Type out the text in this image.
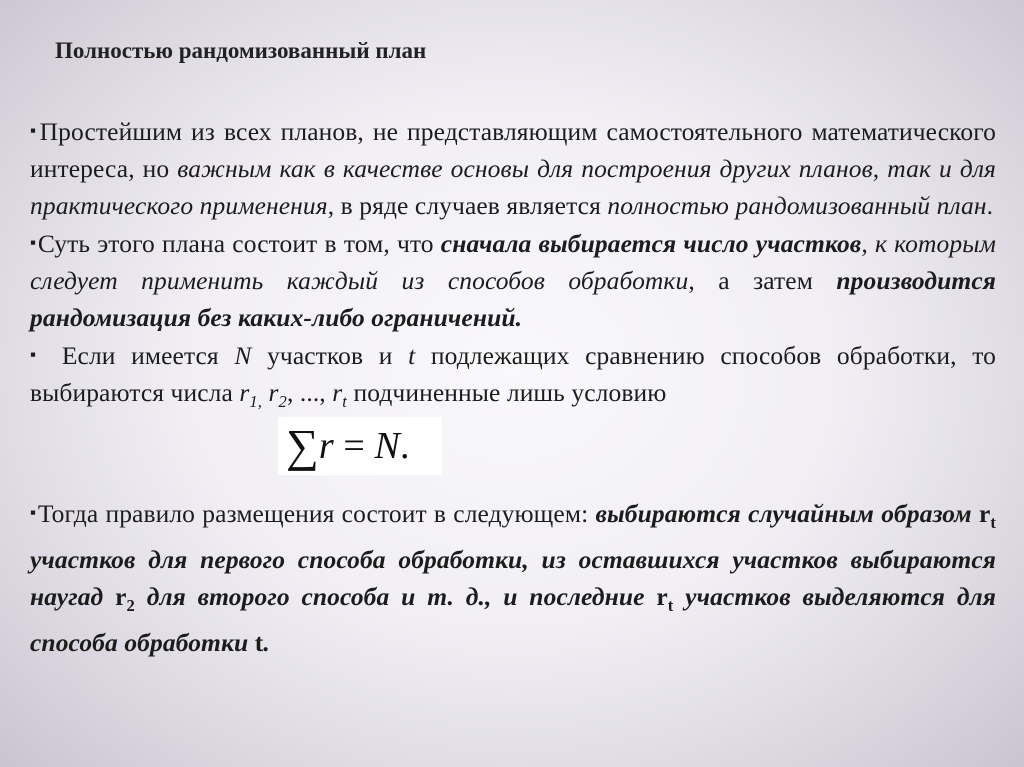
Полностью рандомизованный план

▪Простейшим из всех планов, не представляющим самостоятельного математического интереса, но важным как в качестве основы для построения других планов, так и для практического применения, в ряде случаев является полностью рандомизованный план.

▪Суть этого плана состоит в том, что сначала выбирается число участков, к которым следует применить каждый из способов обработки, а затем производится рандомизация без каких-либо ограничений.

▪ Если имеется N участков и t подлежащих сравнению способов обработки, то выбираются числа $r_{1,}$ $r_2$, ..., $r_t$ подчиненные лишь условию

∑r = N.

▪Тогда правило размещения состоит в следующем: выбираются случайным образом $r_t$ участков для первого способа обработки, из оставшихся участков выбираются наугад $r_2$ для второго способа и т. д., и последние $r_t$ участков выделяются для способа обработки t.
